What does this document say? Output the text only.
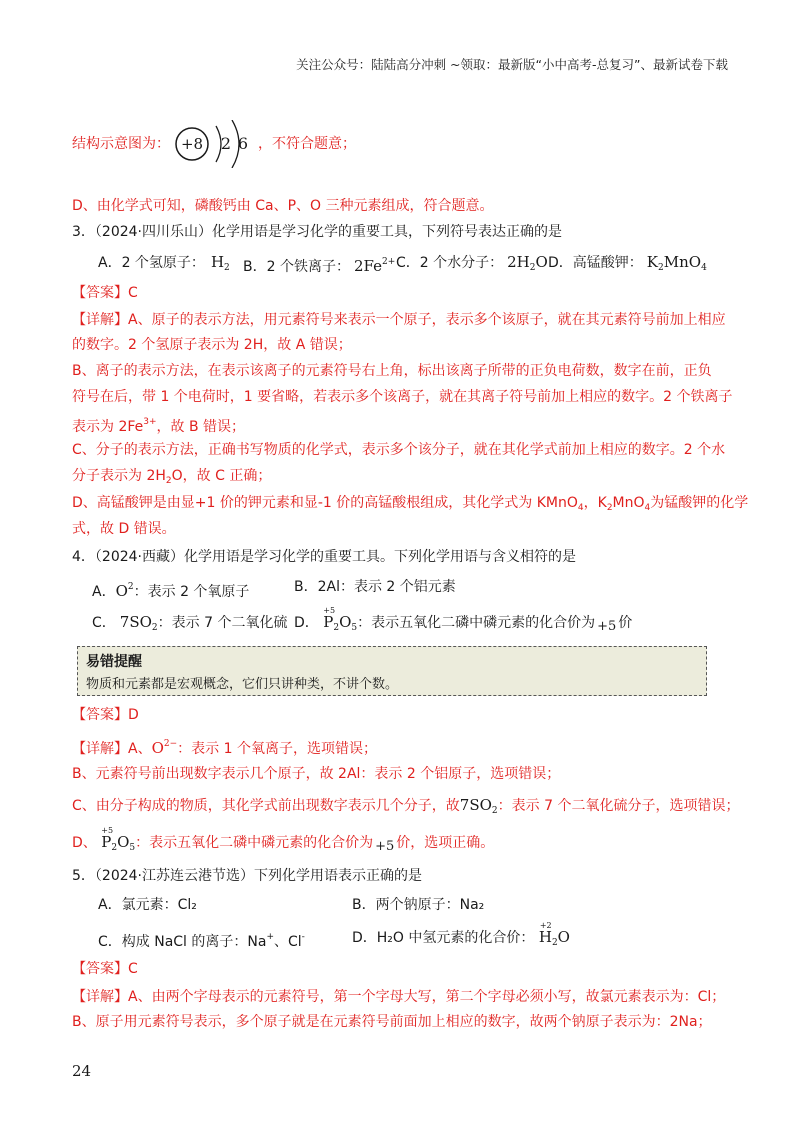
关注公众号：陆陆高分冲刺 ~领取：最新版“小中高考-总复习”、最新试卷下载
结构示意图为： +8 2 6 ，不符合题意；
D、由化学式可知，磷酸钙由 Ca、P、O 三种元素组成，符合题意。
3．（2024·四川乐山）化学用语是学习化学的重要工具，下列符号表达正确的是
A．2 个氢原子： $H_2$ B．2 个铁离子： $2Fe^{2+}$ C．2 个水分子： $2H_2O$ D．高锰酸钾： $K_2MnO_4$
【答案】C
【详解】A、原子的表示方法，用元素符号来表示一个原子，表示多个该原子，就在其元素符号前加上相应
的数字。2 个氢原子表示为 2H，故 A 错误；
B、离子的表示方法，在表示该离子的元素符号右上角，标出该离子所带的正负电荷数，数字在前，正负
符号在后，带 1 个电荷时，1 要省略，若表示多个该离子，就在其离子符号前加上相应的数字。2 个铁离子
表示为 $2Fe^{3+}$，故 B 错误；
C、分子的表示方法，正确书写物质的化学式，表示多个该分子，就在其化学式前加上相应的数字。2 个水
分子表示为 $2H_2O$，故 C 正确；
D、高锰酸钾是由显+1 价的钾元素和显-1 价的高锰酸根组成，其化学式为 KMnO$_4$，$K_2MnO_4$为锰酸钾的化学
式，故 D 错误。
4．（2024·西藏）化学用语是学习化学的重要工具。下列化学用语与含义相符的是
A．$O^2$：表示 2 个氧原子	B．2Al：表示 2 个铝元素
C． $7SO_2$：表示 7 个二氧化硫 D．
+5
$P_2O_5$：表示五氧化二磷中磷元素的化合价为 +5 价
易错提醒
物质和元素都是宏观概念，它们只讲种类，不讲个数。
【答案】D
【详解】A、$O^{2-}$：表示 1 个氧离子，选项错误；
B、元素符号前出现数字表示几个原子，故 2Al：表示 2 个铝原子，选项错误；
C、由分子构成的物质，其化学式前出现数字表示几个分子，故$7SO_2$：表示 7 个二氧化硫分子，选项错误；
D、
+5
$P_2O_5$：表示五氧化二磷中磷元素的化合价为 +5 价，选项正确。
5．（2024·江苏连云港节选）下列化学用语表示正确的是
A．氯元素：Cl₂	B．两个钠原子：Na₂
C．构成 NaCl 的离子：Na+、Cl-	D．H₂O 中氢元素的化合价：
+2
$H_2O$
【答案】C
【详解】A、由两个字母表示的元素符号，第一个字母大写，第二个字母必须小写，故氯元素表示为：Cl；
B、原子用元素符号表示，多个原子就是在元素符号前面加上相应的数字，故两个钠原子表示为：2Na；
24
